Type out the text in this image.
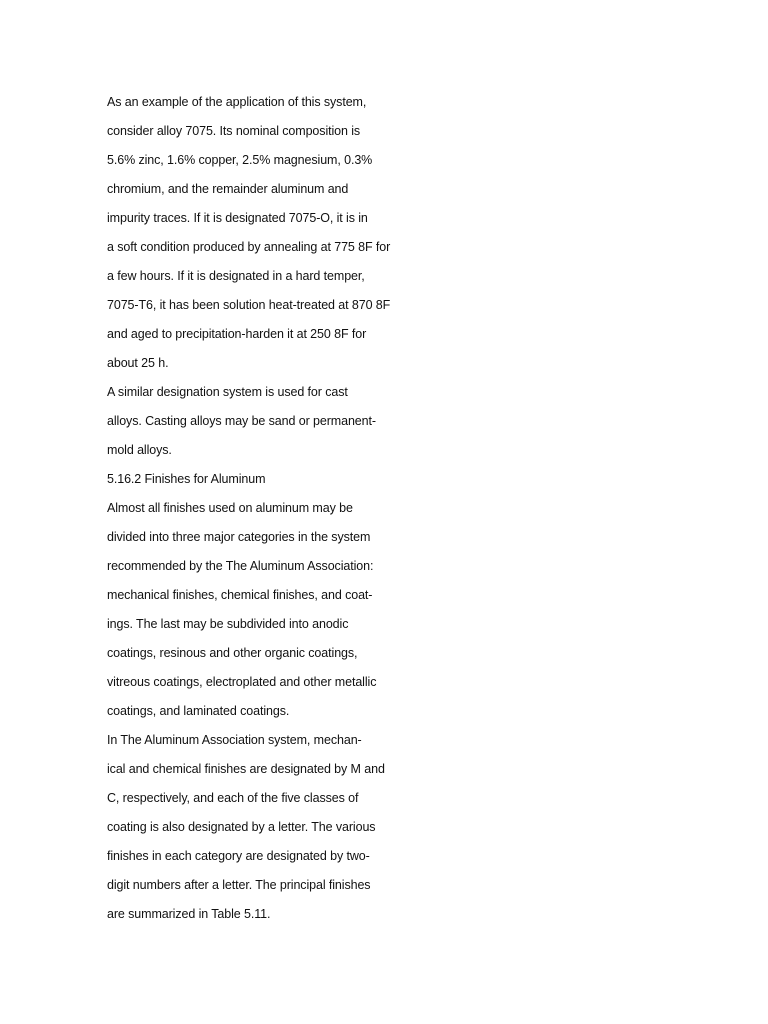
As an example of the application of this system,
consider alloy 7075. Its nominal composition is
5.6% zinc, 1.6% copper, 2.5% magnesium, 0.3%
chromium, and the remainder aluminum and
impurity traces. If it is designated 7075-O, it is in
a soft condition produced by annealing at 775 8F for
a few hours. If it is designated in a hard temper,
7075-T6, it has been solution heat-treated at 870 8F
and aged to precipitation-harden it at 250 8F for
about 25 h.
A similar designation system is used for cast
alloys. Casting alloys may be sand or permanent-
mold alloys.
5.16.2 Finishes for Aluminum
Almost all finishes used on aluminum may be
divided into three major categories in the system
recommended by the The Aluminum Association:
mechanical finishes, chemical finishes, and coat-
ings. The last may be subdivided into anodic
coatings, resinous and other organic coatings,
vitreous coatings, electroplated and other metallic
coatings, and laminated coatings.
In The Aluminum Association system, mechan-
ical and chemical finishes are designated by M and
C, respectively, and each of the five classes of
coating is also designated by a letter. The various
finishes in each category are designated by two-
digit numbers after a letter. The principal finishes
are summarized in Table 5.11.
